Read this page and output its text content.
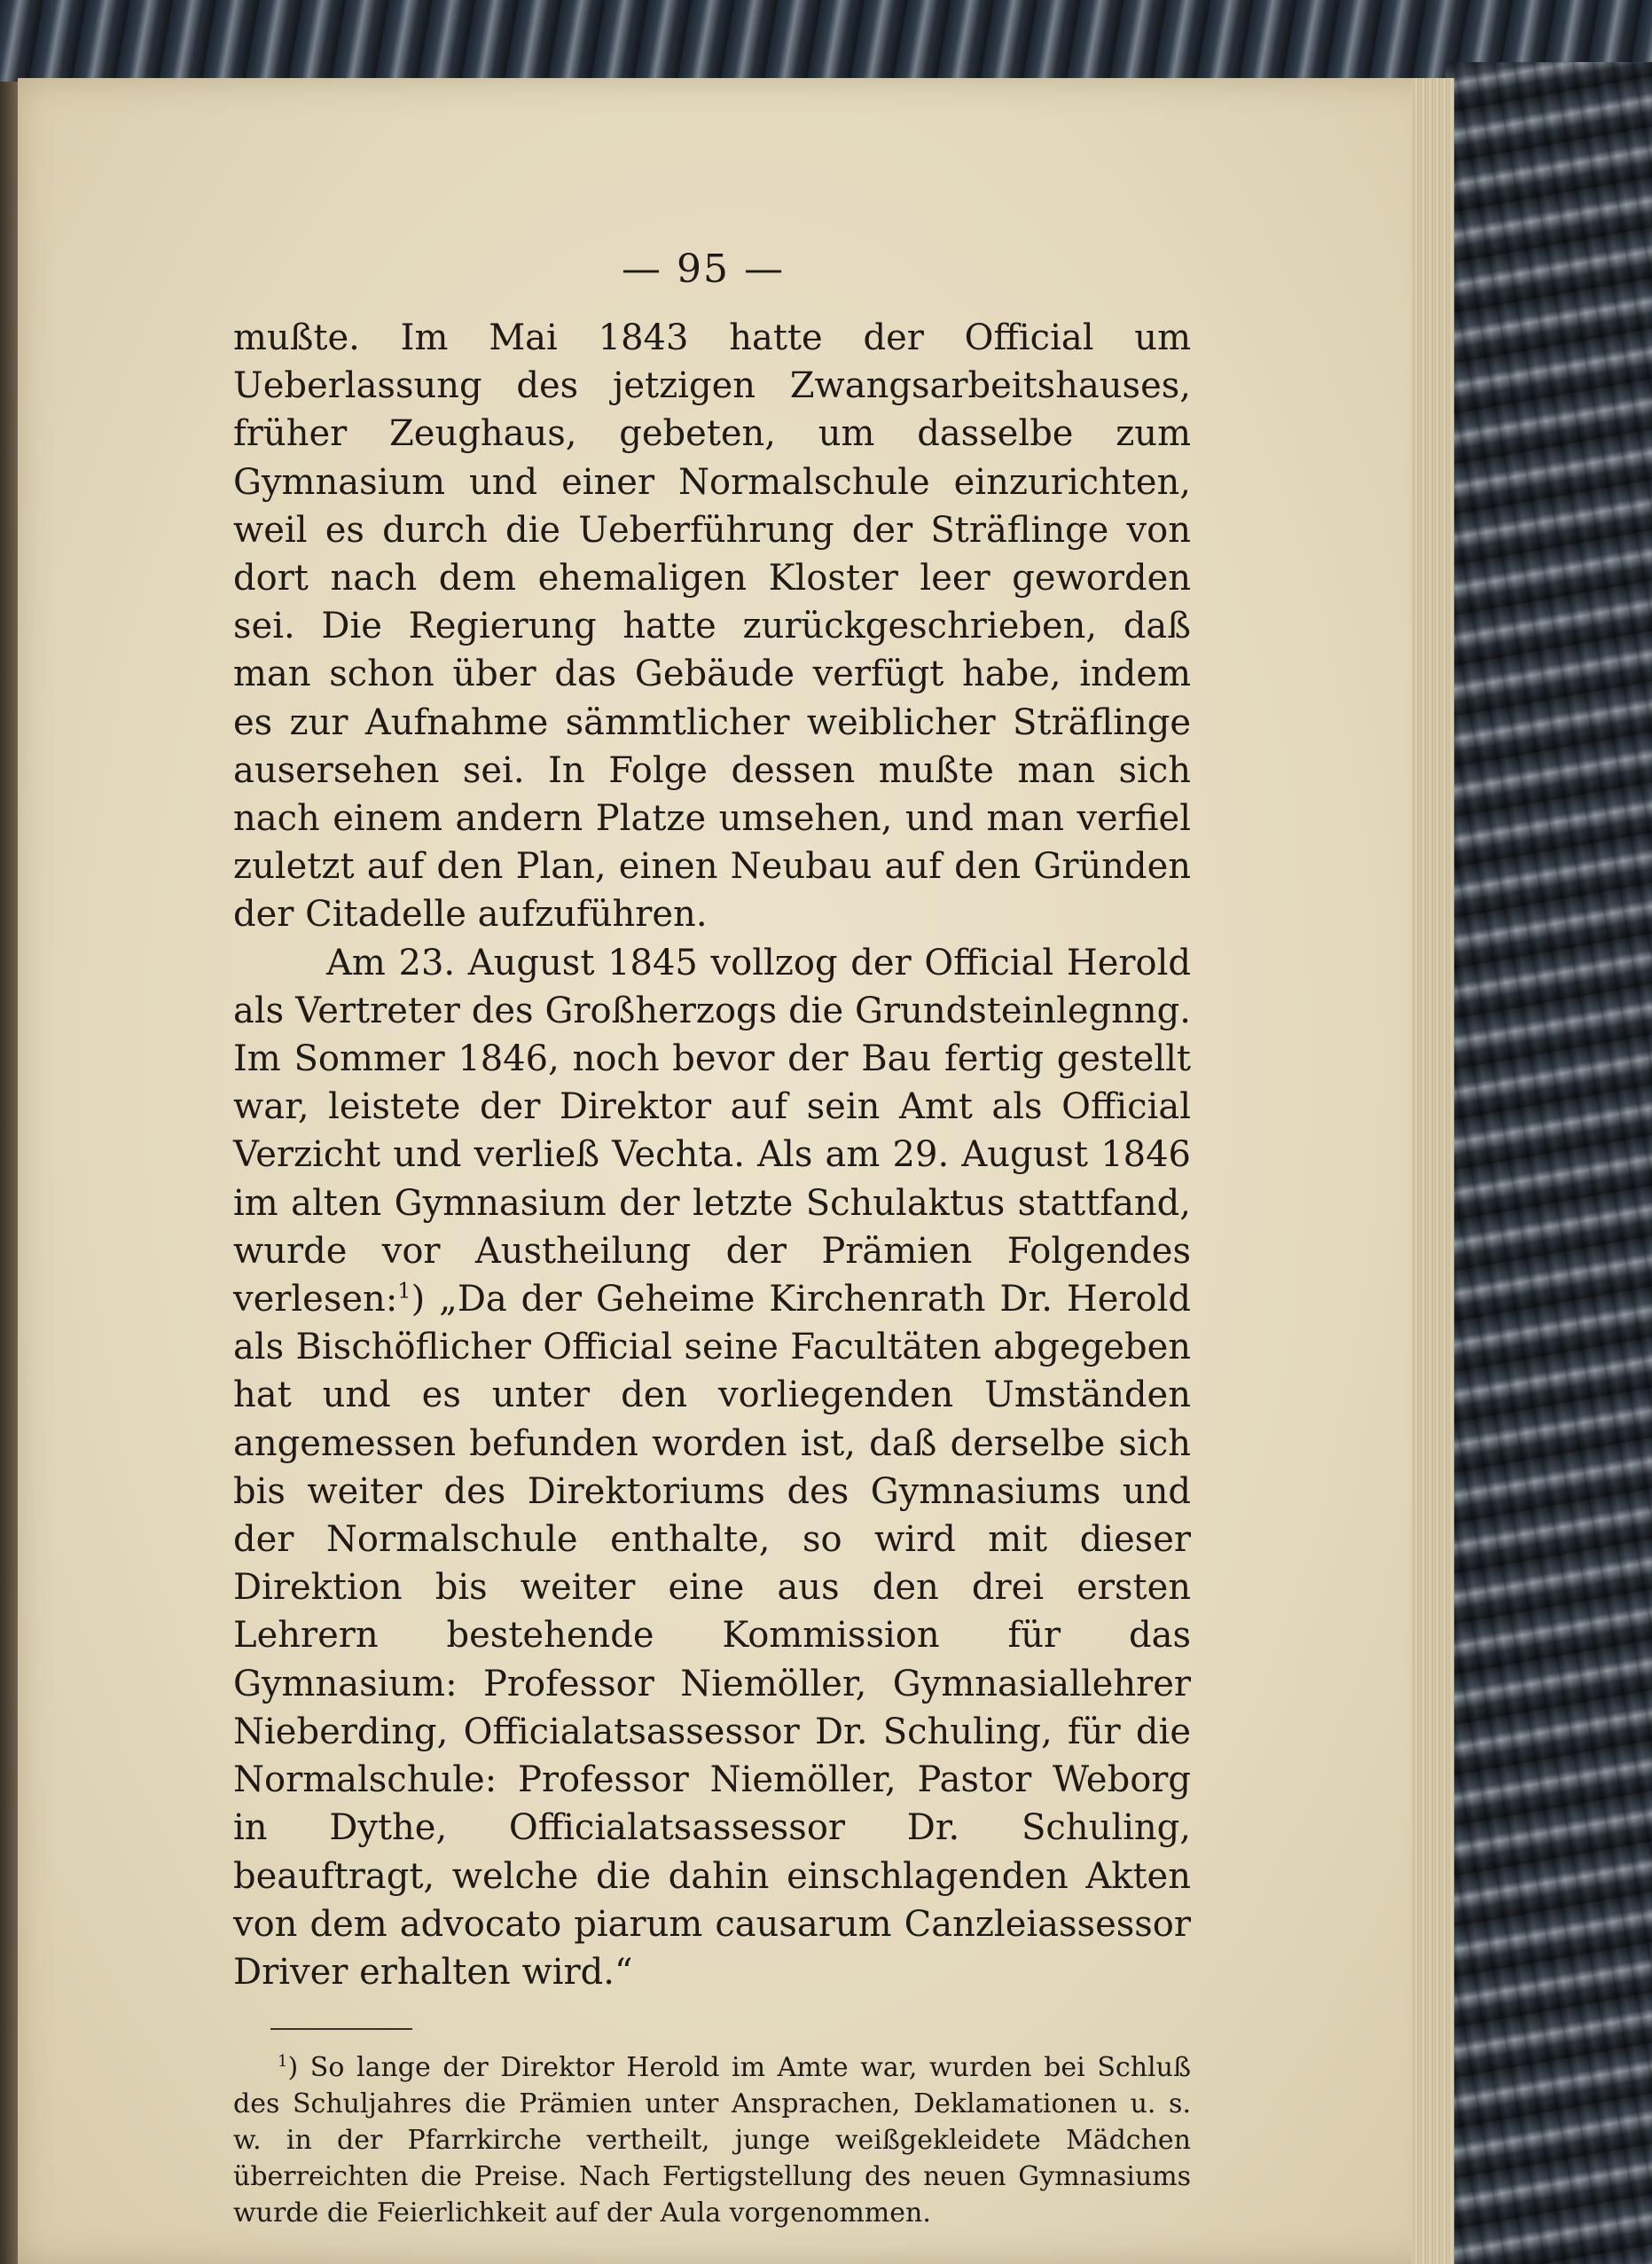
— 95 —

mußte. Im Mai 1843 hatte der Official um Ueberlassung des jetzigen Zwangsarbeitshauses, früher Zeughaus, gebeten, um dasselbe zum Gymnasium und einer Normalschule einzurichten, weil es durch die Ueberführung der Sträflinge von dort nach dem ehemaligen Kloster leer geworden sei. Die Regierung hatte zurückgeschrieben, daß man schon über das Gebäude verfügt habe, indem es zur Aufnahme sämmtlicher weiblicher Sträflinge ausersehen sei. In Folge dessen mußte man sich nach einem andern Platze umsehen, und man verfiel zuletzt auf den Plan, einen Neubau auf den Gründen der Citadelle aufzuführen.

Am 23. August 1845 vollzog der Official Herold als Vertreter des Großherzogs die Grundsteinlegnng. Im Sommer 1846, noch bevor der Bau fertig gestellt war, leistete der Direktor auf sein Amt als Official Verzicht und verließ Vechta. Als am 29. August 1846 im alten Gymnasium der letzte Schulaktus stattfand, wurde vor Austheilung der Prämien Folgendes verlesen:$^1$) „Da der Geheime Kirchenrath Dr. Herold als Bischöflicher Official seine Facultäten abgegeben hat und es unter den vorliegenden Umständen angemessen befunden worden ist, daß derselbe sich bis weiter des Direktoriums des Gymnasiums und der Normalschule enthalte, so wird mit dieser Direktion bis weiter eine aus den drei ersten Lehrern bestehende Kommission für das Gymnasium: Professor Niemöller, Gymnasiallehrer Nieberding, Officialatsassessor Dr. Schuling, für die Normalschule: Professor Niemöller, Pastor Weborg in Dythe, Officialatsassessor Dr. Schuling, beauftragt, welche die dahin einschlagenden Akten von dem advocato piarum causarum Canzleiassessor Driver erhalten wird.“

$^1$) So lange der Direktor Herold im Amte war, wurden bei Schluß des Schuljahres die Prämien unter Ansprachen, Deklamationen u. s. w. in der Pfarrkirche vertheilt, junge weißgekleidete Mädchen überreichten die Preise. Nach Fertigstellung des neuen Gymnasiums wurde die Feierlichkeit auf der Aula vorgenommen.
